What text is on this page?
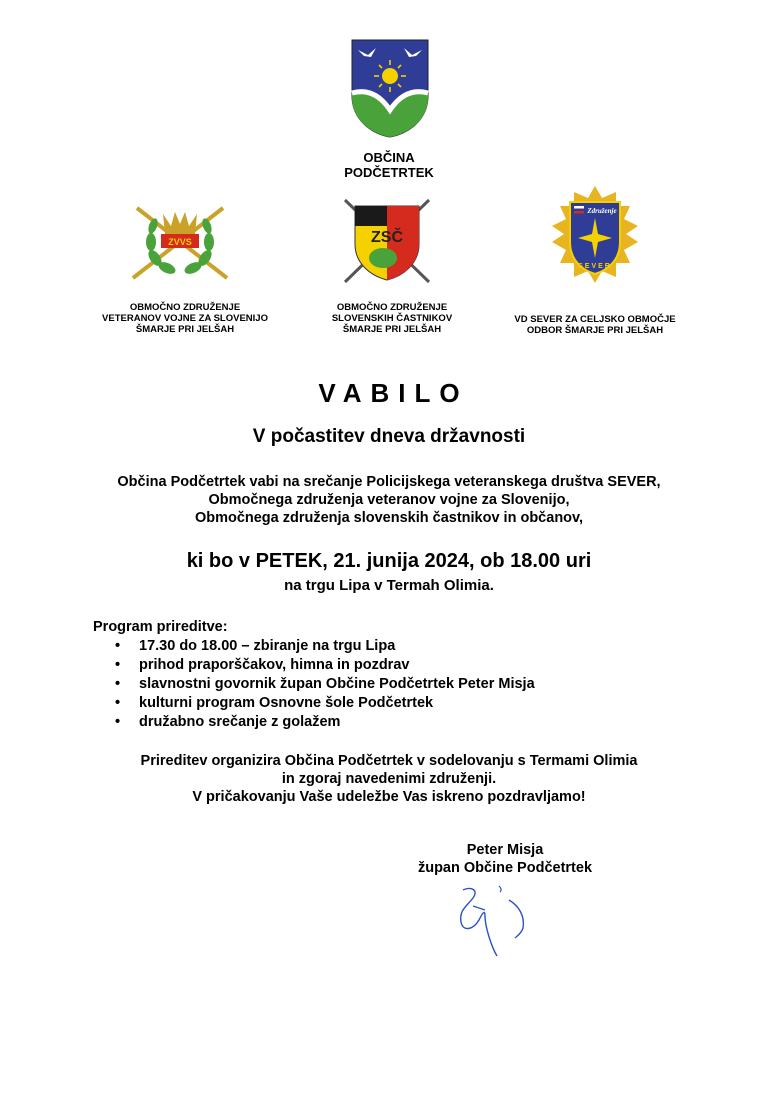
OBČINA
PODČETRTEK
ZVVS	ZSČ
Združenje
SEVER
OBMOČNO ZDRUŽENJE
VETERANOV VOJNE ZA SLOVENIJO
ŠMARJE PRI JELŠAH
OBMOČNO ZDRUŽENJE
SLOVENSKIH ČASTNIKOV
ŠMARJE PRI JELŠAH
VD SEVER ZA CELJSKO OBMOČJE
ODBOR ŠMARJE PRI JELŠAH
VABILO
V počastitev dneva državnosti
Občina Podčetrtek vabi na srečanje Policijskega veteranskega društva SEVER,
Območnega združenja veteranov vojne za Slovenijo,
Območnega združenja slovenskih častnikov in občanov,
ki bo v PETEK, 21. junija 2024, ob 18.00 uri
na trgu Lipa v Termah Olimia.
Program prireditve:
• 17.30 do 18.00 – zbiranje na trgu Lipa
• prihod praporščakov, himna in pozdrav
• slavnostni govornik župan Občine Podčetrtek Peter Misja
• kulturni program Osnovne šole Podčetrtek
• družabno srečanje z golažem
Prireditev organizira Občina Podčetrtek v sodelovanju s Termami Olimia
in zgoraj navedenimi združenji.
V pričakovanju Vaše udeležbe Vas iskreno pozdravljamo!
Peter Misja
župan Občine Podčetrtek
